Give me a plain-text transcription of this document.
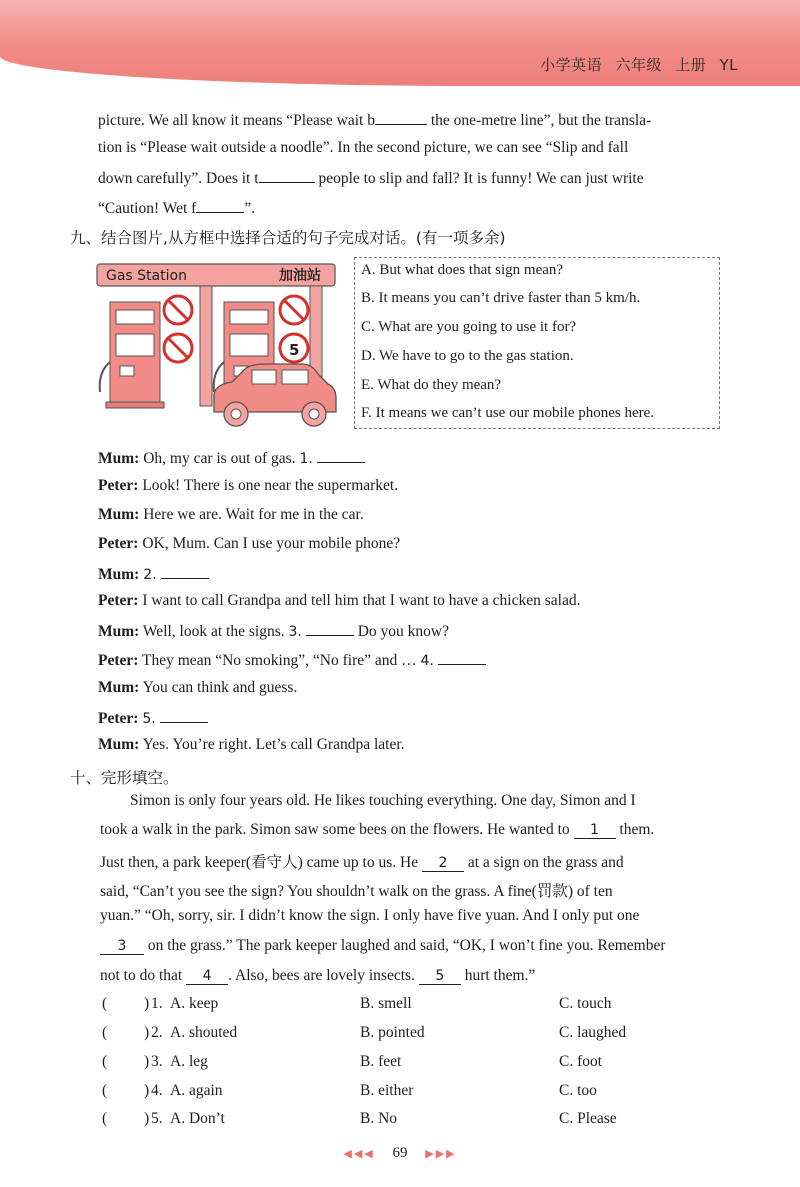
小学英语 六年级 上册 YL
picture. We all know it means “Please wait b	the one-metre line”, but the transla-
tion is “Please wait outside a noodle”. In the second picture, we can see “Slip and fall
down carefully”. Does it t	people to slip and fall? It is funny! We can just write
“Caution! Wet f	”.
九、结合图片,从方框中选择合适的句子完成对话。(有一项多余)
Gas Station	加油站
5
A. But what does that sign mean?
B. It means you can’t drive faster than 5 km/h.
C. What are you going to use it for?
D. We have to go to the gas station.
E. What do they mean?
F. It means we can’t use our mobile phones here.
Mum: Oh, my car is out of gas. 1.
Peter: Look! There is one near the supermarket.
Mum: Here we are. Wait for me in the car.
Peter: OK, Mum. Can I use your mobile phone?
Mum: 2.
Peter: I want to call Grandpa and tell him that I want to have a chicken salad.
Mum: Well, look at the signs. 3.	Do you know?
Peter: They mean “No smoking”, “No fire” and … 4.
Mum: You can think and guess.
Peter: 5.
Mum: Yes. You’re right. Let’s call Grandpa later.
十、完形填空。
Simon is only four years old. He likes touching everything. One day, Simon and I
took a walk in the park. Simon saw some bees on the flowers. He wanted to 1 them.
Just then, a park keeper(看守人) came up to us. He 2 at a sign on the grass and
said, “Can’t you see the sign? You shouldn’t walk on the grass. A fine(罚款) of ten
yuan.” “Oh, sorry, sir. I didn’t know the sign. I only have five yuan. And I only put one
3 on the grass.” The park keeper laughed and said, “OK, I won’t fine you. Remember
not to do that 4 . Also, bees are lovely insects. 5 hurt them.”
( ) 1. A. keep	B. smell	C. touch
( ) 2. A. shouted	B. pointed	C. laughed
( ) 3. A. leg	B. feet	C. foot
( ) 4. A. again	B. either	C. too
( ) 5. A. Don’t	B. No	C. Please
◀◀◀ 69 ▶▶▶
